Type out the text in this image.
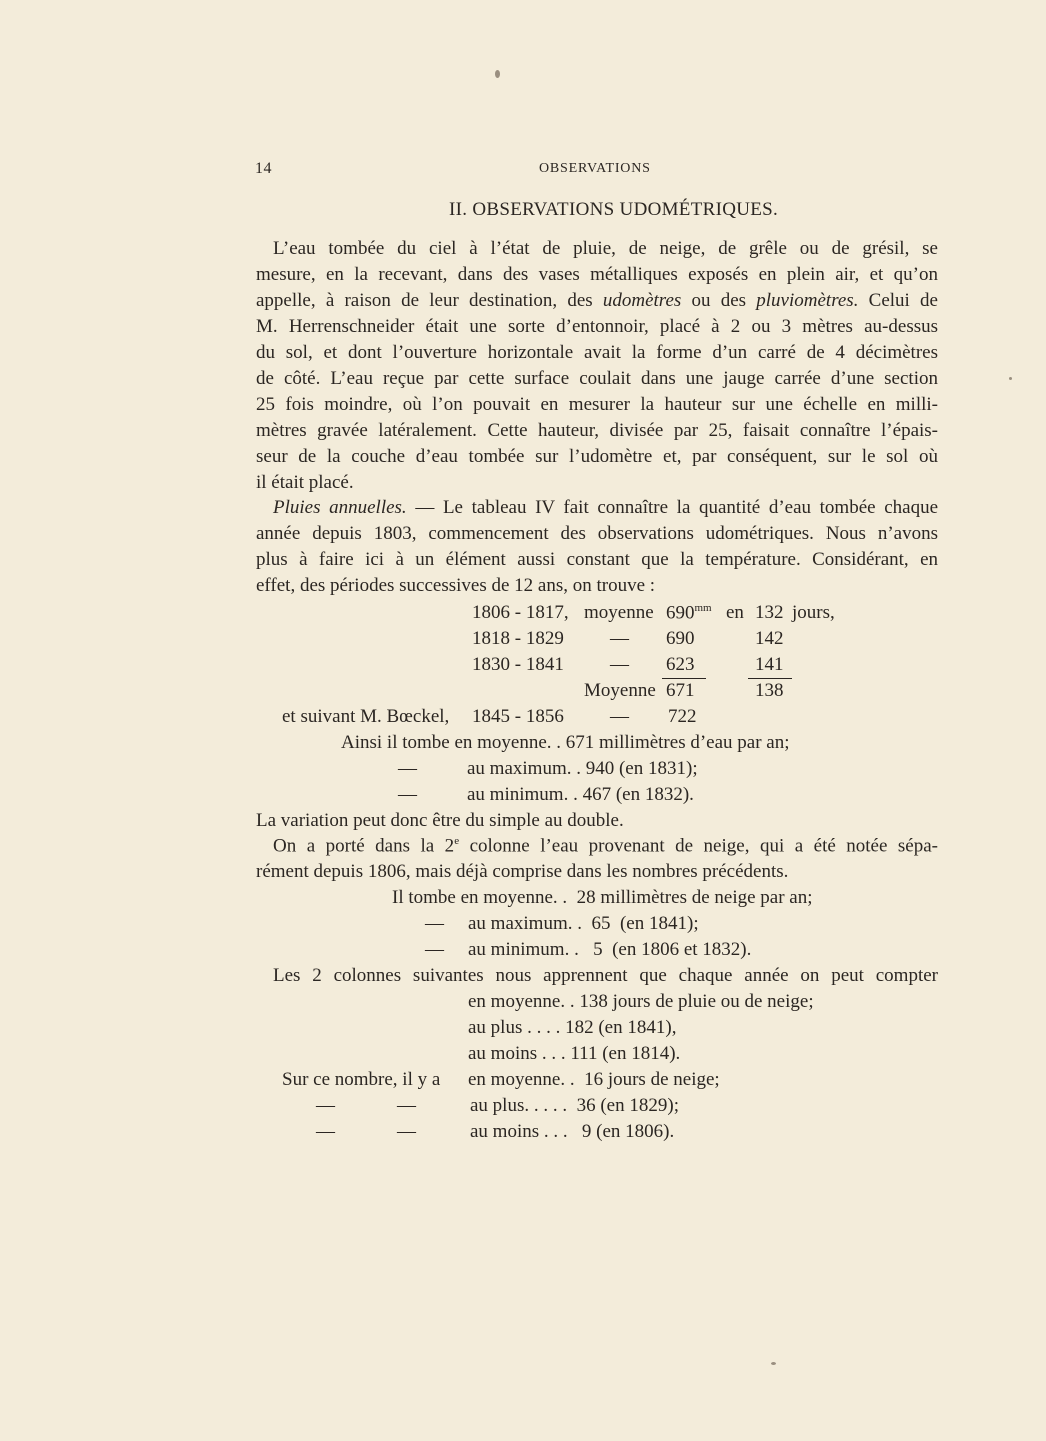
14	OBSERVATIONS
II. OBSERVATIONS UDOMÉTRIQUES.
L’eau tombée du ciel à l’état de pluie, de neige, de grêle ou de grésil, se
mesure, en la recevant, dans des vases métalliques exposés en plein air, et qu’on
appelle, à raison de leur destination, des udomètres ou des pluviomètres. Celui de
M. Herrenschneider était une sorte d’entonnoir, placé à 2 ou 3 mètres au-dessus
du sol, et dont l’ouverture horizontale avait la forme d’un carré de 4 décimètres
de côté. L’eau reçue par cette surface coulait dans une jauge carrée d’une section
25 fois moindre, où l’on pouvait en mesurer la hauteur sur une échelle en milli-
mètres gravée latéralement. Cette hauteur, divisée par 25, faisait connaître l’épais-
seur de la couche d’eau tombée sur l’udomètre et, par conséquent, sur le sol où
il était placé.
Pluies annuelles. — Le tableau IV fait connaître la quantité d’eau tombée chaque
année depuis 1803, commencement des observations udométriques. Nous n’avons
plus à faire ici à un élément aussi constant que la température. Considérant, en
effet, des périodes successives de 12 ans, on trouve :
1806 - 1817, moyenne $690^{mm}$ en 132 jours,
1818 - 1829 — 690	142
1830 - 1841 — 623	141
Moyenne 671	138
et suivant M. Bœckel, 1845 - 1856 — 722
Ainsi il tombe en moyenne. . 671 millimètres d’eau par an;
—	au maximum. . 940 (en 1831);
—	au minimum. . 467 (en 1832).
La variation peut donc être du simple au double.
On a porté dans la 2e colonne l’eau provenant de neige, qui a été notée sépa-
rément depuis 1806, mais déjà comprise dans les nombres précédents.
Il tombe en moyenne. .  28 millimètres de neige par an;
— au maximum. .  65  (en 1841);
— au minimum. .   5  (en 1806 et 1832).
Les 2 colonnes suivantes nous apprennent que chaque année on peut compter
en moyenne. . 138 jours de pluie ou de neige;
au plus . . . . 182 (en 1841),
au moins . . . 111 (en 1814).
Sur ce nombre, il y a en moyenne. .  16 jours de neige;
—	—	au plus. . . . .  36 (en 1829);
—	—	au moins . . .   9 (en 1806).
